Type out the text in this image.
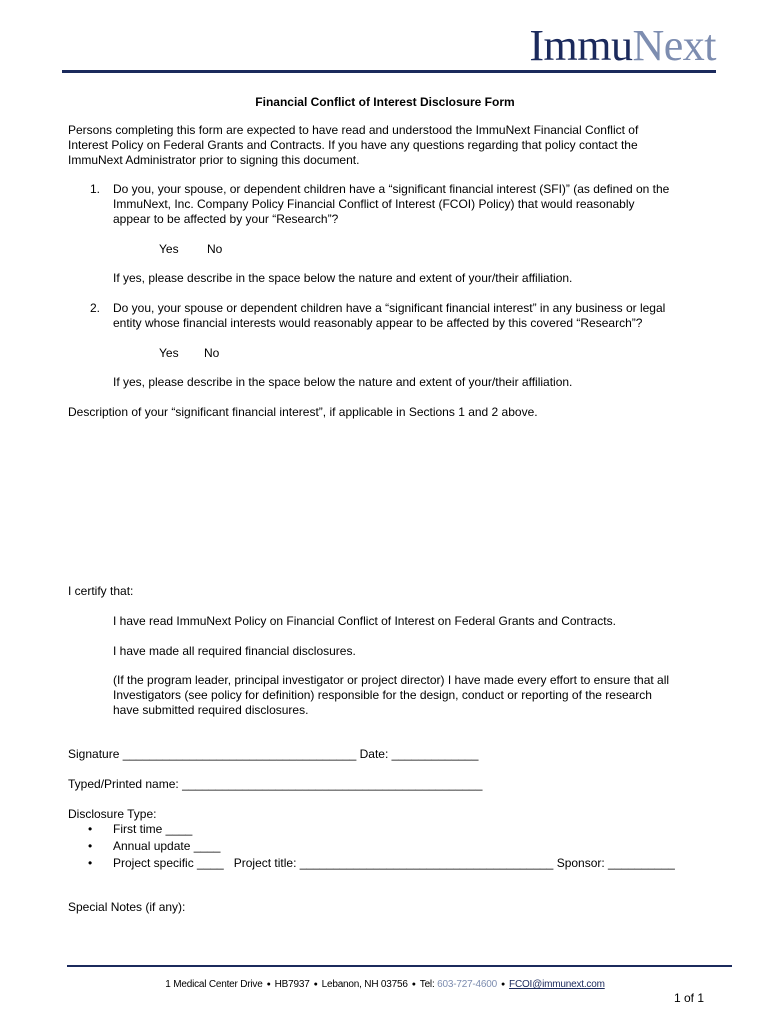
ImmuNext
Financial Conflict of Interest Disclosure Form
Persons completing this form are expected to have read and understood the ImmuNext Financial Conflict of
Interest Policy on Federal Grants and Contracts. If you have any questions regarding that policy contact the
ImmuNext Administrator prior to signing this document.
1. Do you, your spouse, or dependent children have a “significant financial interest (SFI)” (as defined on the
ImmuNext, Inc. Company Policy Financial Conflict of Interest (FCOI) Policy) that would reasonably
appear to be affected by your “Research”?
Yes No
If yes, please describe in the space below the nature and extent of your/their affiliation.
2. Do you, your spouse or dependent children have a “significant financial interest” in any business or legal
entity whose financial interests would reasonably appear to be affected by this covered “Research”?
Yes No
If yes, please describe in the space below the nature and extent of your/their affiliation.
Description of your “significant financial interest”, if applicable in Sections 1 and 2 above.
I certify that:
I have read ImmuNext Policy on Financial Conflict of Interest on Federal Grants and Contracts.
I have made all required financial disclosures.
(If the program leader, principal investigator or project director) I have made every effort to ensure that all
Investigators (see policy for definition) responsible for the design, conduct or reporting of the research
have submitted required disclosures.
Signature ___________________________________ Date: _____________
Typed/Printed name: _____________________________________________
Disclosure Type:
• First time ____
• Annual update ____
• Project specific ____   Project title: ______________________________________ Sponsor: __________
Special Notes (if any):
1 Medical Center Drive ● HB7937 ● Lebanon, NH 03756 ● Tel: 603-727-4600 ● FCOI@immunext.com
1 of 1
